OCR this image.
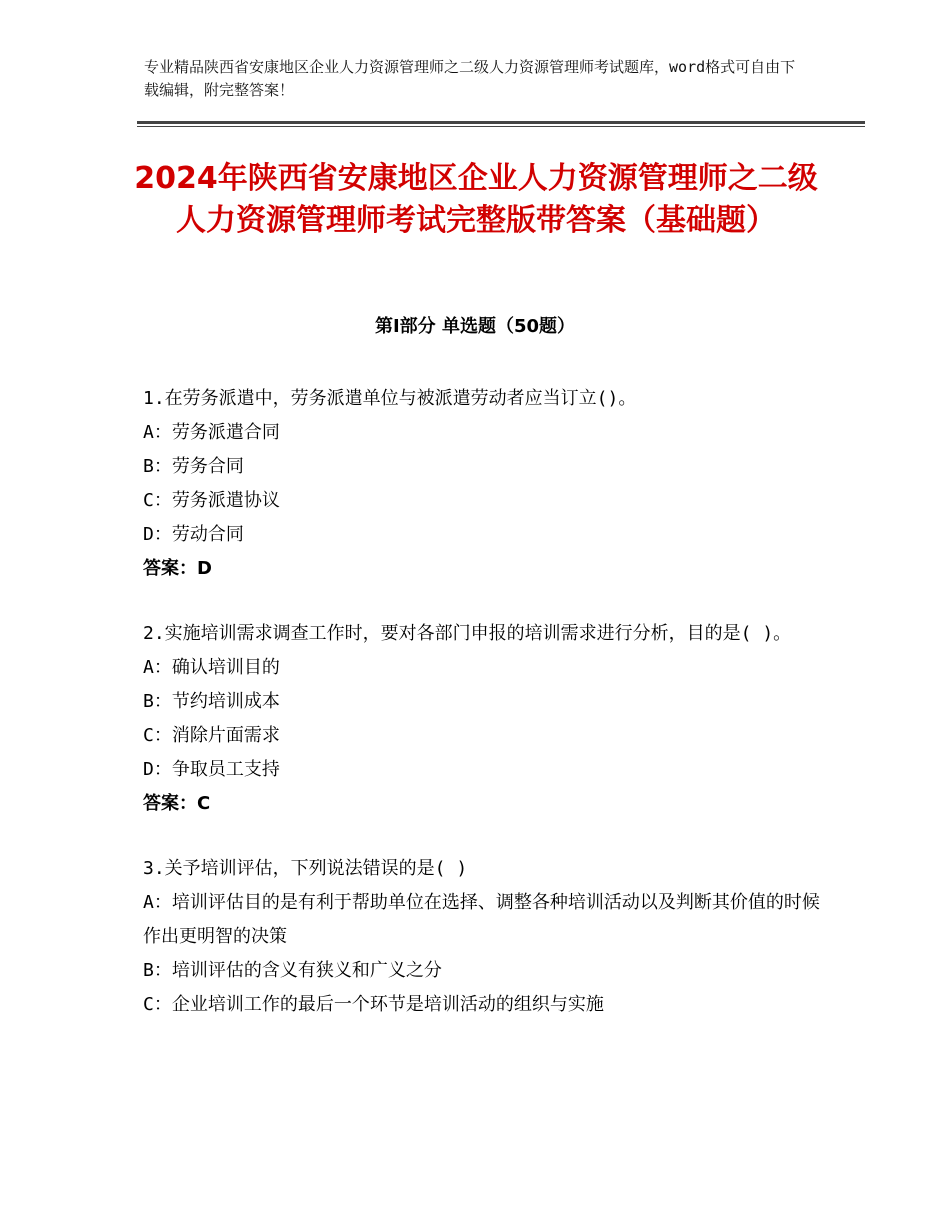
专业精品陕西省安康地区企业人力资源管理师之二级人力资源管理师考试题库，word格式可自由下载编辑，附完整答案！
2024年陕西省安康地区企业人力资源管理师之二级人力资源管理师考试完整版带答案（基础题）
第Ⅰ部分 单选题（50题）
1.在劳务派遣中，劳务派遣单位与被派遣劳动者应当订立()。
A：劳务派遣合同
B：劳务合同
C：劳务派遣协议
D：劳动合同
答案：D
2.实施培训需求调查工作时，要对各部门申报的培训需求进行分析，目的是( )。
A：确认培训目的
B：节约培训成本
C：消除片面需求
D：争取员工支持
答案：C
3.关予培训评估，下列说法错误的是( )
A：培训评估目的是有利于帮助单位在选择、调整各种培训活动以及判断其价值的时候作出更明智的决策
B：培训评估的含义有狭义和广义之分
C：企业培训工作的最后一个环节是培训活动的组织与实施
